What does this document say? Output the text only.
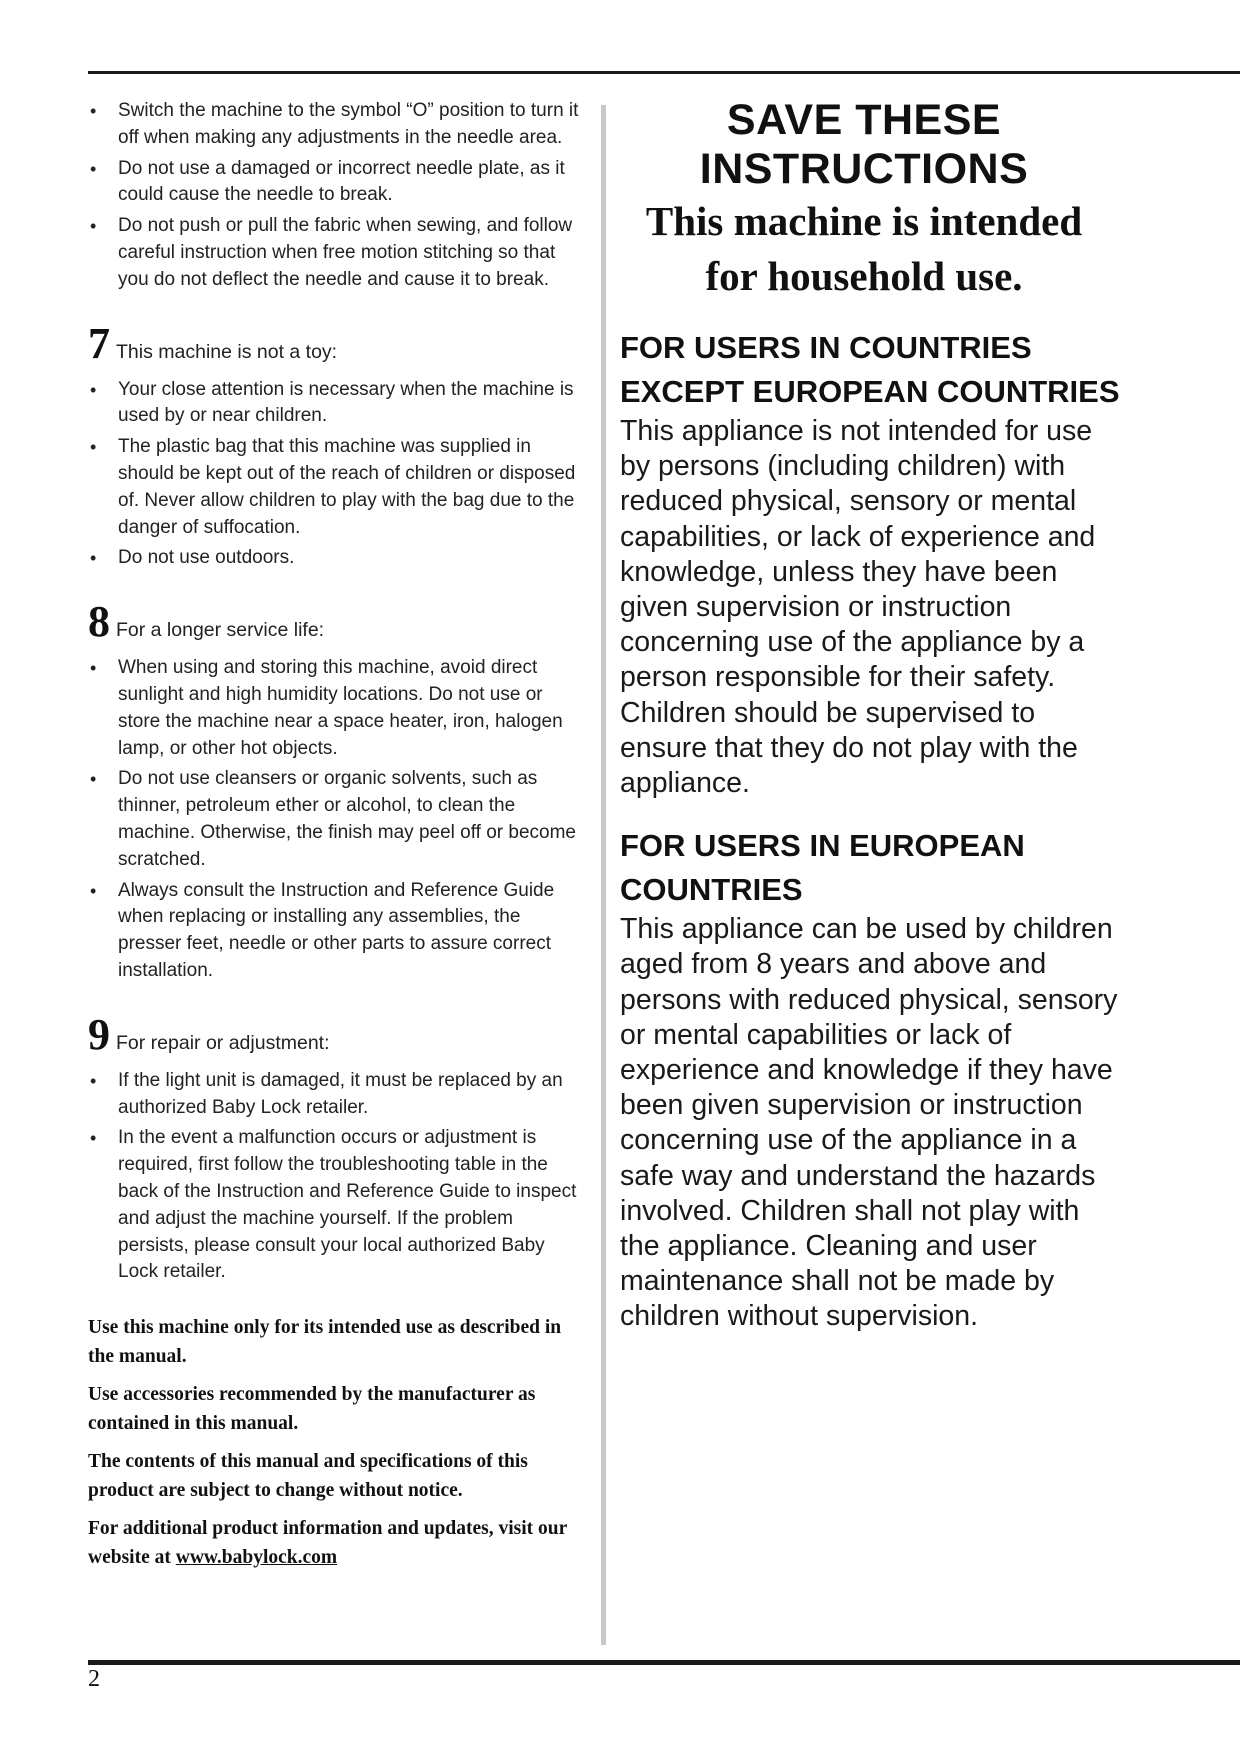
• Switch the machine to the symbol “O” position to turn it off when making any adjustments in the needle area.
• Do not use a damaged or incorrect needle plate, as it could cause the needle to break.
• Do not push or pull the fabric when sewing, and follow careful instruction when free motion stitching so that you do not deflect the needle and cause it to break.
7 This machine is not a toy:
• Your close attention is necessary when the machine is used by or near children.
• The plastic bag that this machine was supplied in should be kept out of the reach of children or disposed of. Never allow children to play with the bag due to the danger of suffocation.
• Do not use outdoors.
8 For a longer service life:
• When using and storing this machine, avoid direct sunlight and high humidity locations. Do not use or store the machine near a space heater, iron, halogen lamp, or other hot objects.
• Do not use cleansers or organic solvents, such as thinner, petroleum ether or alcohol, to clean the machine. Otherwise, the finish may peel off or become scratched.
• Always consult the Instruction and Reference Guide when replacing or installing any assemblies, the presser feet, needle or other parts to assure correct installation.
9 For repair or adjustment:
• If the light unit is damaged, it must be replaced by an authorized Baby Lock retailer.
• In the event a malfunction occurs or adjustment is required, first follow the troubleshooting table in the back of the Instruction and Reference Guide to inspect and adjust the machine yourself. If the problem persists, please consult your local authorized Baby Lock retailer.

Use this machine only for its intended use as described in the manual.

Use accessories recommended by the manufacturer as contained in this manual.

The contents of this manual and specifications of this product are subject to change without notice.

For additional product information and updates, visit our website at www.babylock.com

SAVE THESE
INSTRUCTIONS
This machine is intended
for household use.
FOR USERS IN COUNTRIES
EXCEPT EUROPEAN COUNTRIES
This appliance is not intended for use
by persons (including children) with
reduced physical, sensory or mental
capabilities, or lack of experience and
knowledge, unless they have been
given supervision or instruction
concerning use of the appliance by a
person responsible for their safety.
Children should be supervised to
ensure that they do not play with the
appliance.
FOR USERS IN EUROPEAN
COUNTRIES
This appliance can be used by children
aged from 8 years and above and
persons with reduced physical, sensory
or mental capabilities or lack of
experience and knowledge if they have
been given supervision or instruction
concerning use of the appliance in a
safe way and understand the hazards
involved. Children shall not play with
the appliance. Cleaning and user
maintenance shall not be made by
children without supervision.
2
